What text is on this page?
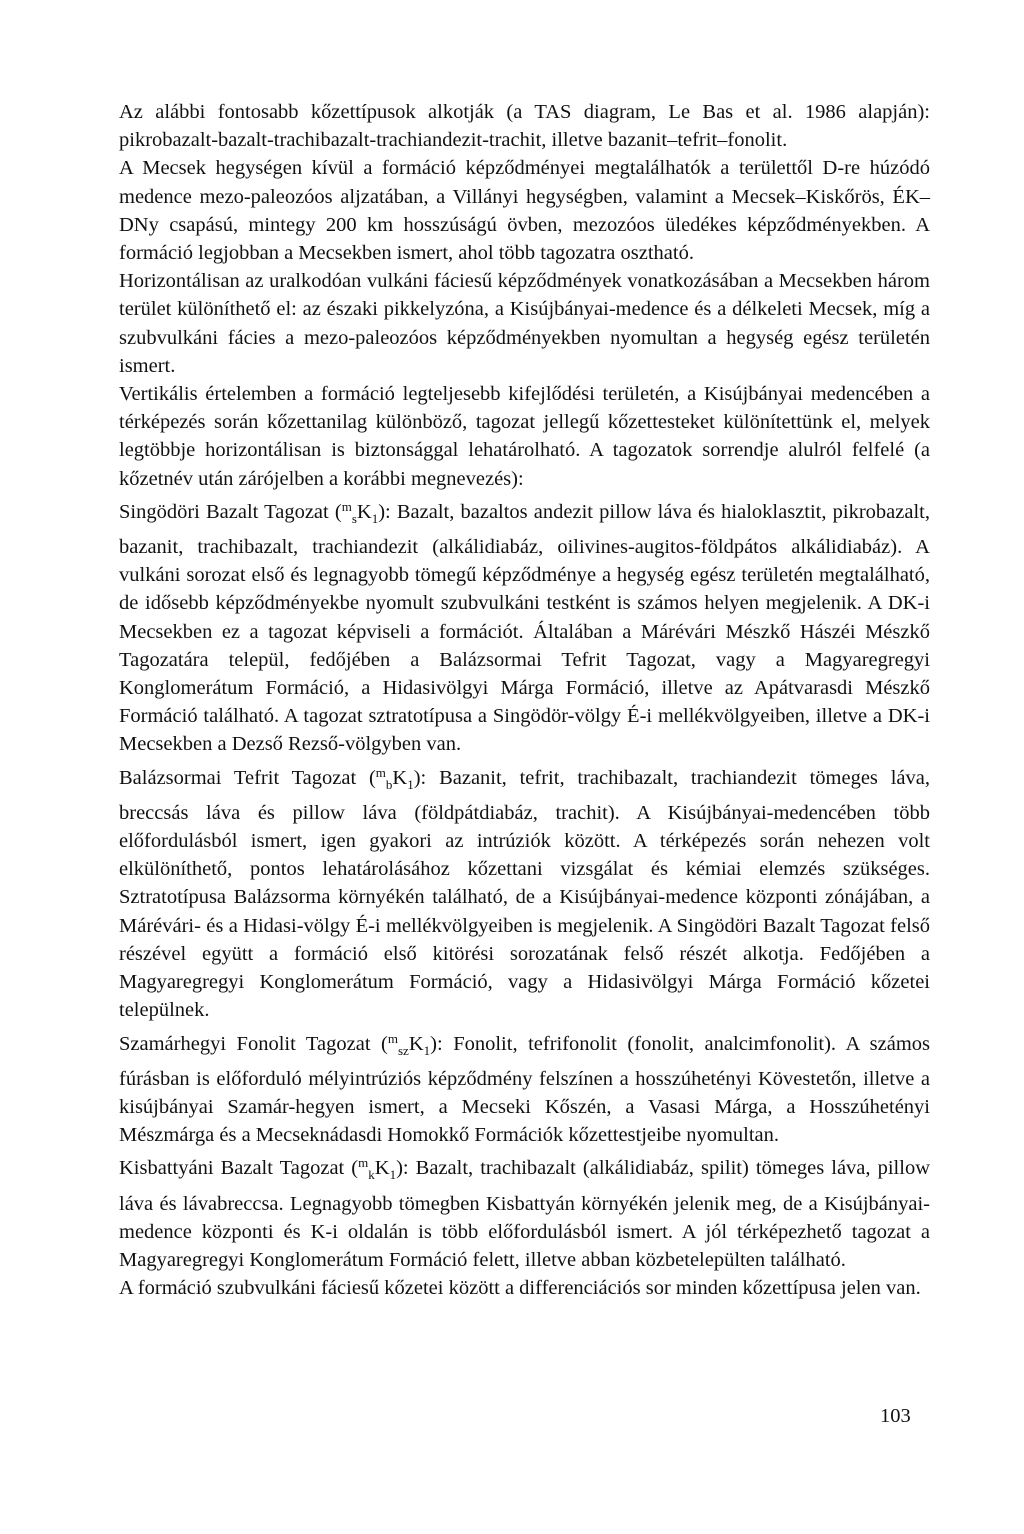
Az alábbi fontosabb kőzettípusok alkotják (a TAS diagram, Le Bas et al. 1986 alapján): pikrobazalt-bazalt-trachibazalt-trachiandezit-trachit, illetve bazanit–tefrit–fonolit.

A Mecsek hegységen kívül a formáció képződményei megtalálhatók a területtől D-re húzódó medence mezo-paleozóos aljzatában, a Villányi hegységben, valamint a Mecsek–Kiskőrös, ÉK–DNy csapású, mintegy 200 km hosszúságú övben, mezozóos üledékes képződményekben. A formáció legjobban a Mecsekben ismert, ahol több tagozatra osztható.

Horizontálisan az uralkodóan vulkáni fáciesű képződmények vonatkozásában a Mecsekben három terület különíthető el: az északi pikkelyzóna, a Kisújbányai-medence és a délkeleti Mecsek, míg a szubvulkáni fácies a mezo-paleozóos képződményekben nyomultan a hegység egész területén ismert.

Vertikális értelemben a formáció legteljesebb kifejlődési területén, a Kisújbányai medencében a térképezés során kőzettanilag különböző, tagozat jellegű kőzettesteket különítettünk el, melyek legtöbbje horizontálisan is biztonsággal lehatárolható. A tagozatok sorrendje alulról felfelé (a kőzetnév után zárójelben a korábbi megnevezés):

Singödöri Bazalt Tagozat $(^m_sK_1)$: Bazalt, bazaltos andezit pillow láva és hialoklasztit, pikrobazalt, bazanit, trachibazalt, trachiandezit (alkálidiabáz, oilivines-augitos-földpátos alkálidiabáz). A vulkáni sorozat első és legnagyobb tömegű képződménye a hegység egész területén megtalálható, de idősebb képződményekbe nyomult szubvulkáni testként is számos helyen megjelenik. A DK-i Mecsekben ez a tagozat képviseli a formációt. Általában a Márévári Mészkő Hászéi Mészkő Tagozatára települ, fedőjében a Balázsormai Tefrit Tagozat, vagy a Magyaregregyi Konglomerátum Formáció, a Hidasivölgyi Márga Formáció, illetve az Apátvarasdi Mészkő Formáció található. A tagozat sztratotípusa a Singödör-völgy É-i mellékvölgyeiben, illetve a DK-i Mecsekben a Dezső Rezső-völgyben van.

Balázsormai Tefrit Tagozat $(^m_bK_1)$: Bazanit, tefrit, trachibazalt, trachiandezit tömeges láva, breccsás láva és pillow láva (földpátdiabáz, trachit). A Kisújbányai-medencében több előfordulásból ismert, igen gyakori az intrúziók között. A térképezés során nehezen volt elkülöníthető, pontos lehatárolásához kőzettani vizsgálat és kémiai elemzés szükséges. Sztratotípusa Balázsorma környékén található, de a Kisújbányai-medence központi zónájában, a Márévári- és a Hidasi-völgy É-i mellékvölgyeiben is megjelenik. A Singödöri Bazalt Tagozat felső részével együtt a formáció első kitörési sorozatának felső részét alkotja. Fedőjében a Magyaregregyi Konglomerátum Formáció, vagy a Hidasivölgyi Márga Formáció kőzetei települnek.

Szamárhegyi Fonolit Tagozat $(^m_{sz}K_1)$: Fonolit, tefrifonolit (fonolit, analcimfonolit). A számos fúrásban is előforduló mélyintrúziós képződmény felszínen a hosszúhetényi Kövestetőn, illetve a kisújbányai Szamár-hegyen ismert, a Mecseki Kőszén, a Vasasi Márga, a Hosszúhetényi Mészmárga és a Mecseknádasdi Homokkő Formációk kőzettestjeibe nyomultan.

Kisbattyáni Bazalt Tagozat $(^m_kK_1)$: Bazalt, trachibazalt (alkálidiabáz, spilit) tömeges láva, pillow láva és lávabreccsa. Legnagyobb tömegben Kisbattyán környékén jelenik meg, de a Kisújbányai-medence központi és K-i oldalán is több előfordulásból ismert. A jól térképezhető tagozat a Magyaregregyi Konglomerátum Formáció felett, illetve abban közbetelepülten található.

A formáció szubvulkáni fáciesű kőzetei között a differenciációs sor minden kőzettípusa jelen van.

103
